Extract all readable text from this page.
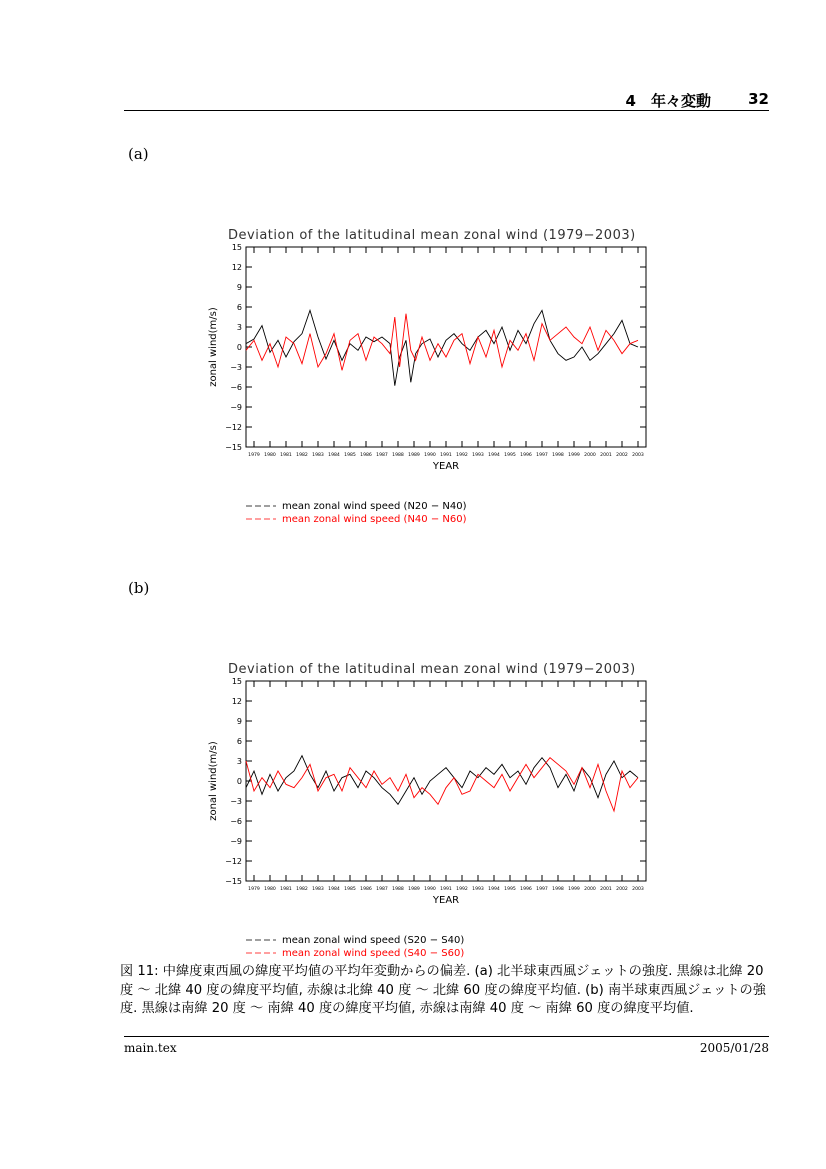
4　年々変動 32
(a)
Deviation of the latitudinal mean zonal wind (1979−2003)
15
12
9
6
3
0
−3
−6
−9
−12
−15
1979 1980 1981 1982 1983 1984 1985 1986 1987 1988 1989 1990 1991 1992 1993 1994 1995 1996 1997 1998 1999 2000 2001 2002 2003
YEAR
zonal wind(m/s)
mean zonal wind speed (N20 − N40)
mean zonal wind speed (N40 − N60)
(b)
Deviation of the latitudinal mean zonal wind (1979−2003)
15
12
9
6
3
0
−3
−6
−9
−12
−15
1979 1980 1981 1982 1983 1984 1985 1986 1987 1988 1989 1990 1991 1992 1993 1994 1995 1996 1997 1998 1999 2000 2001 2002 2003
YEAR
zonal wind(m/s)
mean zonal wind speed (S20 − S40)
mean zonal wind speed (S40 − S60)
図 11: 中緯度東西風の緯度平均値の平均年変動からの偏差. (a) 北半球東西風ジェットの強度. 黒線は北緯 20 度 〜 北緯 40 度の緯度平均値, 赤線は北緯 40 度 〜 北緯 60 度の緯度平均値. (b) 南半球東西風ジェットの強度. 黒線は南緯 20 度 〜 南緯 40 度の緯度平均値, 赤線は南緯 40 度 〜 南緯 60 度の緯度平均値.
main.tex	2005/01/28
